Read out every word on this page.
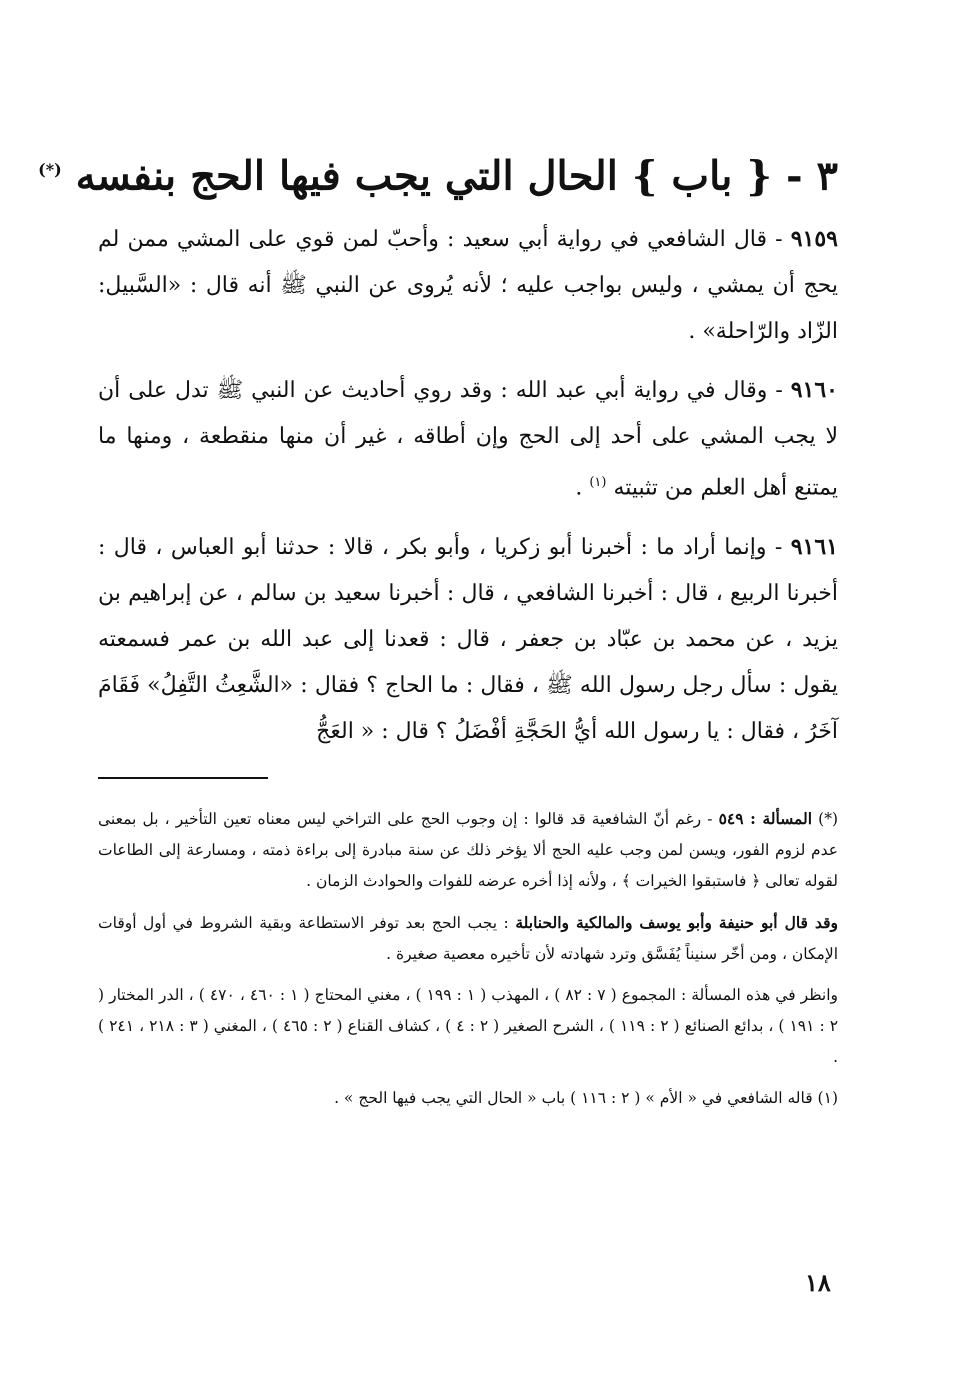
٣ - { باب } الحال التي يجب فيها الحج بنفسه (*)

٩١٥٩ - قال الشافعي في رواية أبي سعيد : وأحبّ لمن قوي على المشي ممن لم يحج أن يمشي ، وليس بواجب عليه ؛ لأنه يُروى عن النبي ﷺ أنه قال : «السَّبيل: الزّاد والرّاحلة» .

٩١٦٠ - وقال في رواية أبي عبد الله : وقد روي أحاديث عن النبي ﷺ تدل على أن لا يجب المشي على أحد إلى الحج وإن أطاقه ، غير أن منها منقطعة ، ومنها ما يمتنع أهل العلم من تثبيته $^{(١)}$ .

٩١٦١ - وإنما أراد ما : أخبرنا أبو زكريا ، وأبو بكر ، قالا : حدثنا أبو العباس ، قال : أخبرنا الربيع ، قال : أخبرنا الشافعي ، قال : أخبرنا سعيد بن سالم ، عن إبراهيم بن يزيد ، عن محمد بن عبّاد بن جعفر ، قال : قعدنا إلى عبد الله بن عمر فسمعته يقول : سأل رجل رسول الله ﷺ ، فقال : ما الحاج ؟ فقال : «الشَّعِثُ التَّفِلُ» فَقَامَ آخَرُ ، فقال : يا رسول الله أيُّ الحَجَّةِ أفْضَلُ ؟ قال : « العَجُّ

(*) المسألة : ٥٤٩ - رغم أنّ الشافعية قد قالوا : إن وجوب الحج على التراخي ليس معناه تعين التأخير ، بل بمعنى عدم لزوم الفور، ويسن لمن وجب عليه الحج ألا يؤخر ذلك عن سنة مبادرة إلى براءة ذمته ، ومسارعة إلى الطاعات لقوله تعالى ﴿ فاستبقوا الخيرات ﴾ ، ولأنه إذا أخره عرضه للفوات والحوادث الزمان .

وقد قال أبو حنيفة وأبو يوسف والمالكية والحنابلة : يجب الحج بعد توفر الاستطاعة وبقية الشروط في أول أوقات الإمكان ، ومن أخّر سنيناً يُفَسَّق وترد شهادته لأن تأخيره معصية صغيرة .

وانظر في هذه المسألة : المجموع ( ٧ : ٨٢ ) ، المهذب ( ١ : ١٩٩ ) ، مغني المحتاج ( ١ : ٤٦٠ ، ٤٧٠ ) ، الدر المختار ( ٢ : ١٩١ ) ، بدائع الصنائع ( ٢ : ١١٩ ) ، الشرح الصغير ( ٢ : ٤ ) ، كشاف القناع ( ٢ : ٤٦٥ ) ، المغني ( ٣ : ٢١٨ ، ٢٤١ ) .

(١) قاله الشافعي في « الأم » ( ٢ : ١١٦ ) باب « الحال التي يجب فيها الحج » .

١٨
